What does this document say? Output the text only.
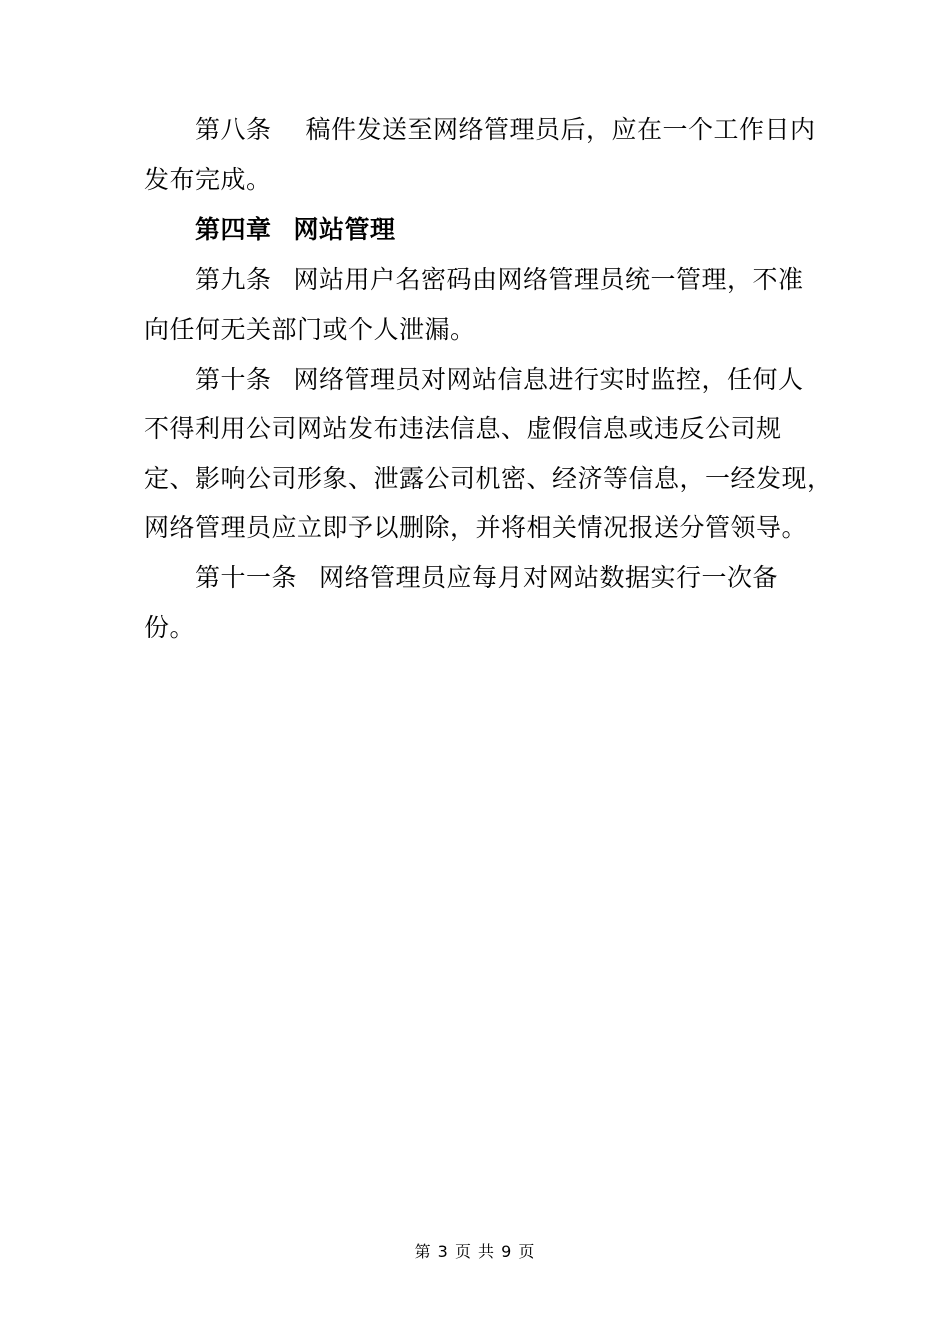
第八条 稿件发送至网络管理员后，应在一个工作日内
发布完成。
第四章 网站管理
第九条 网站用户名密码由网络管理员统一管理，不准
向任何无关部门或个人泄漏。
第十条 网络管理员对网站信息进行实时监控，任何人
不得利用公司网站发布违法信息、虚假信息或违反公司规
定、影响公司形象、泄露公司机密、经济等信息，一经发现，
网络管理员应立即予以删除，并将相关情况报送分管领导。
第十一条 网络管理员应每月对网站数据实行一次备
份。
第 3 页 共 9 页
